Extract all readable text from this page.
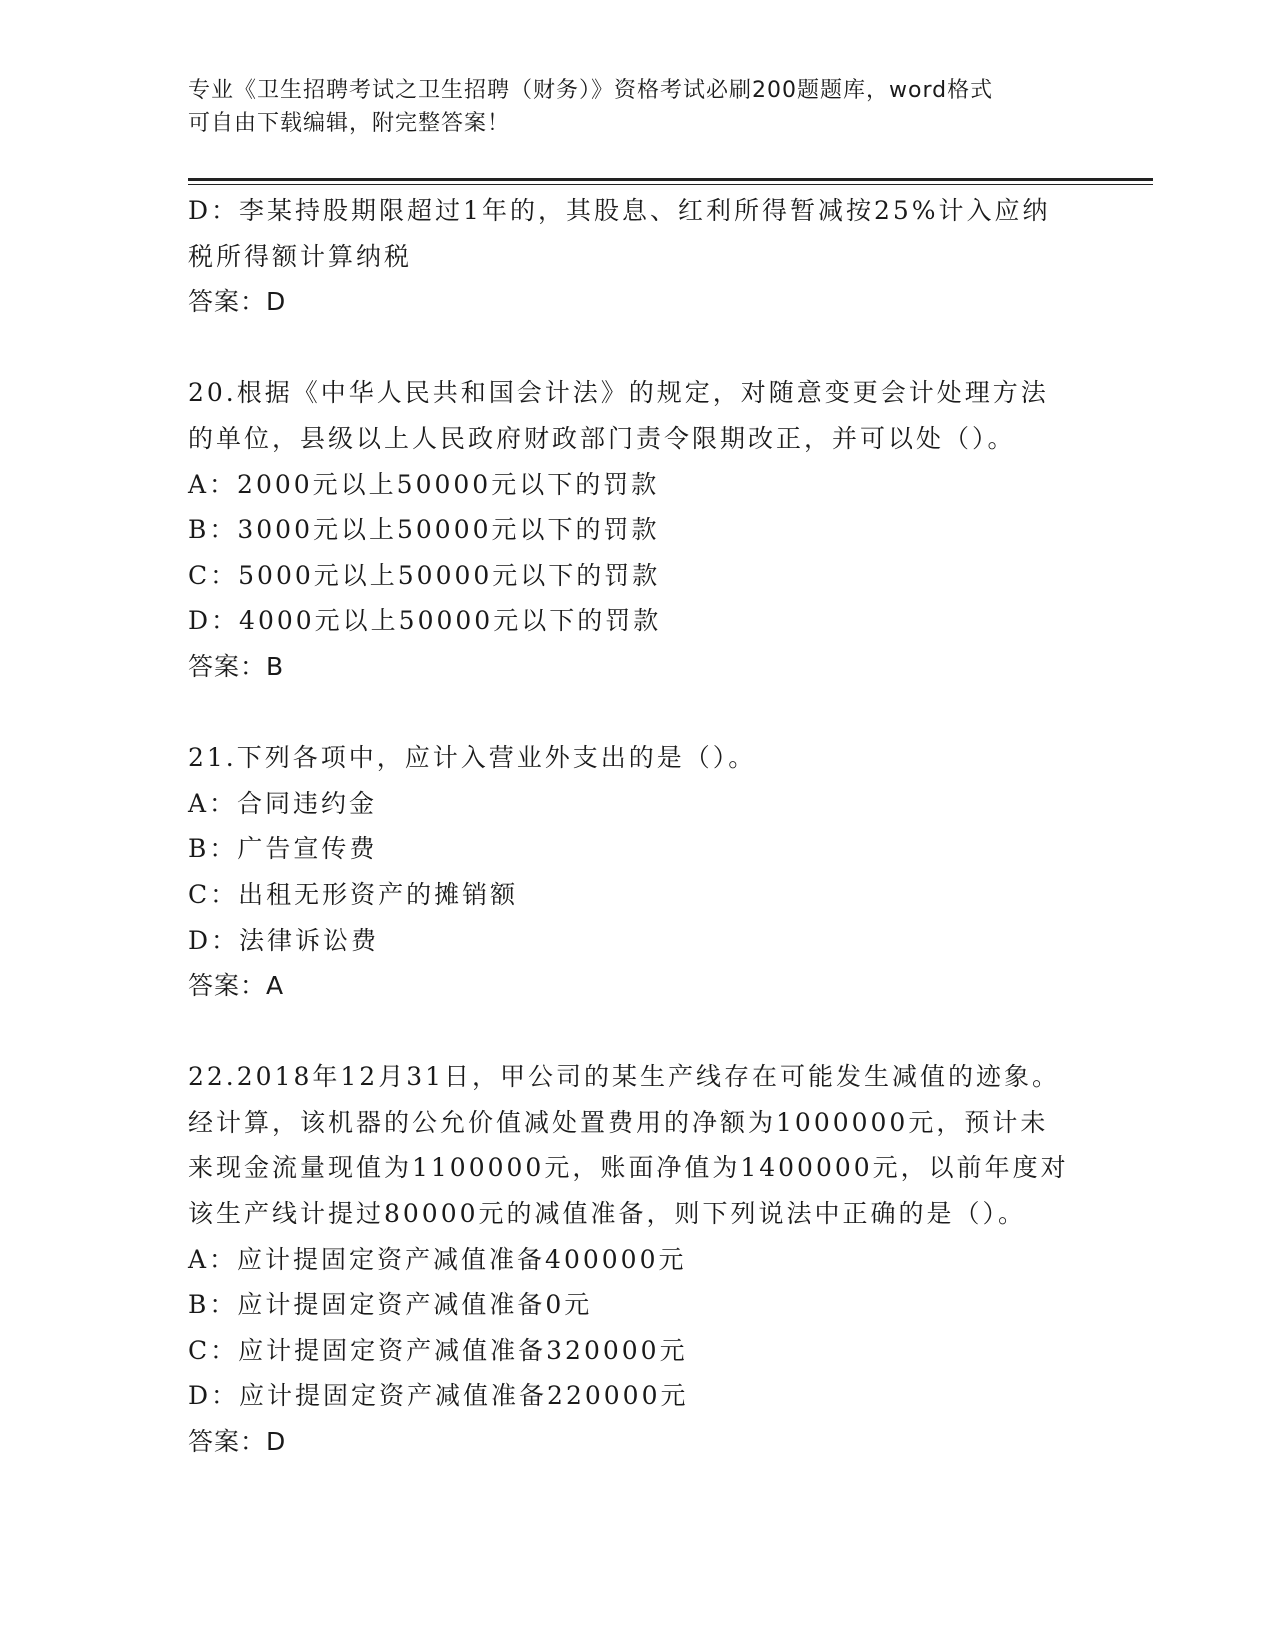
专业《卫生招聘考试之卫生招聘（财务）》资格考试必刷200题题库，word格式
可自由下载编辑，附完整答案！
D：李某持股期限超过1年的，其股息、红利所得暂减按25%计入应纳
税所得额计算纳税
答案：D
20.根据《中华人民共和国会计法》的规定，对随意变更会计处理方法
的单位，县级以上人民政府财政部门责令限期改正，并可以处（）。
A：2000元以上50000元以下的罚款
B：3000元以上50000元以下的罚款
C：5000元以上50000元以下的罚款
D：4000元以上50000元以下的罚款
答案：B
21.下列各项中，应计入营业外支出的是（）。
A：合同违约金
B：广告宣传费
C：出租无形资产的摊销额
D：法律诉讼费
答案：A
22.2018年12月31日，甲公司的某生产线存在可能发生减值的迹象。
经计算，该机器的公允价值减处置费用的净额为1000000元，预计未
来现金流量现值为1100000元，账面净值为1400000元，以前年度对
该生产线计提过80000元的减值准备，则下列说法中正确的是（）。
A：应计提固定资产减值准备400000元
B：应计提固定资产减值准备0元
C：应计提固定资产减值准备320000元
D：应计提固定资产减值准备220000元
答案：D
